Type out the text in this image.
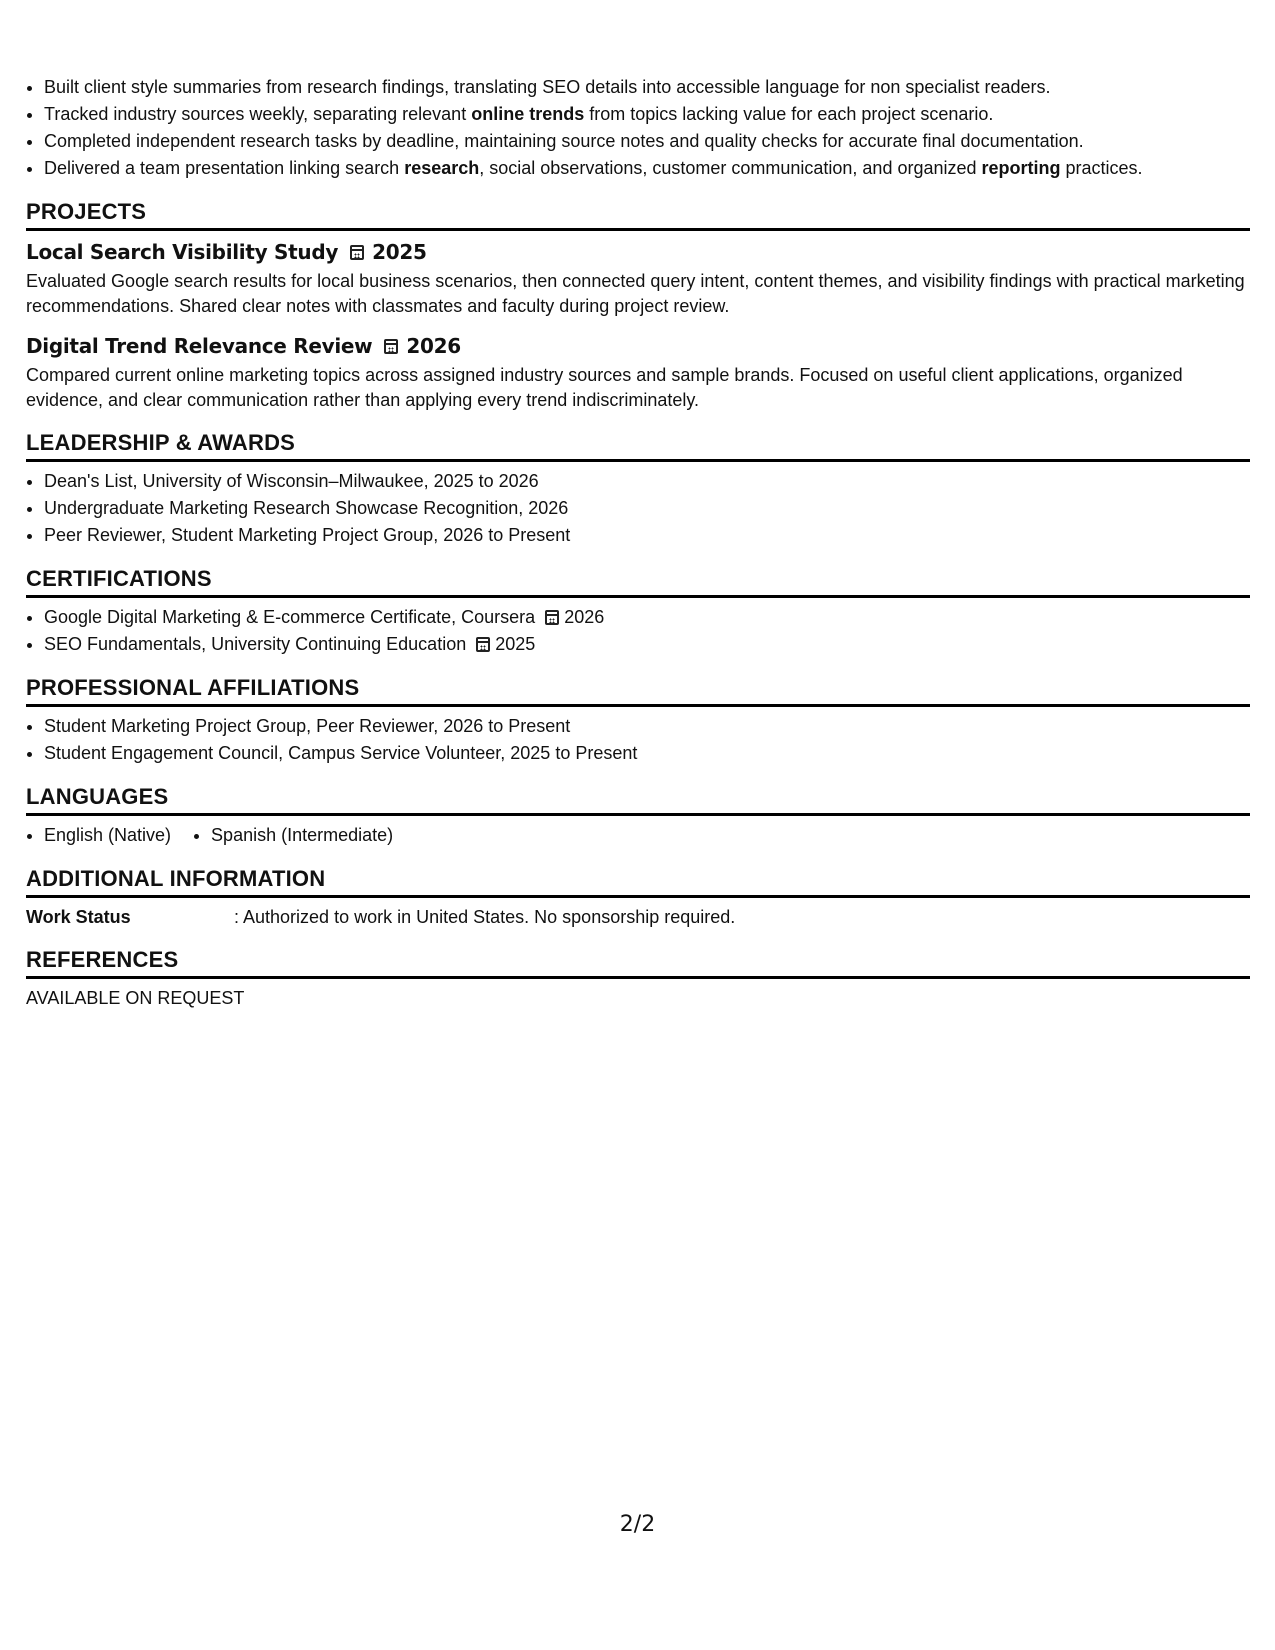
• Built client style summaries from research findings, translating SEO details into accessible language for non specialist readers.
• Tracked industry sources weekly, separating relevant online trends from topics lacking value for each project scenario.
• Completed independent research tasks by deadline, maintaining source notes and quality checks for accurate final documentation.
• Delivered a team presentation linking search research, social observations, customer communication, and organized reporting practices.
PROJECTS
Local Search Visibility Study 2025

Evaluated Google search results for local business scenarios, then connected query intent, content themes, and visibility findings with practical marketing recommendations. Shared clear notes with classmates and faculty during project review.

Digital Trend Relevance Review 2026

Compared current online marketing topics across assigned industry sources and sample brands. Focused on useful client applications, organized evidence, and clear communication rather than applying every trend indiscriminately.

LEADERSHIP & AWARDS
• Dean's List, University of Wisconsin–Milwaukee, 2025 to 2026
• Undergraduate Marketing Research Showcase Recognition, 2026
• Peer Reviewer, Student Marketing Project Group, 2026 to Present
CERTIFICATIONS
• Google Digital Marketing & E-commerce Certificate, Coursera 2026
• SEO Fundamentals, University Continuing Education 2025
PROFESSIONAL AFFILIATIONS
• Student Marketing Project Group, Peer Reviewer, 2026 to Present
• Student Engagement Council, Campus Service Volunteer, 2025 to Present
LANGUAGES
• English (Native)
• Spanish (Intermediate)
ADDITIONAL INFORMATION
Work Status	: Authorized to work in United States. No sponsorship required.
REFERENCES
AVAILABLE ON REQUEST
2/2
